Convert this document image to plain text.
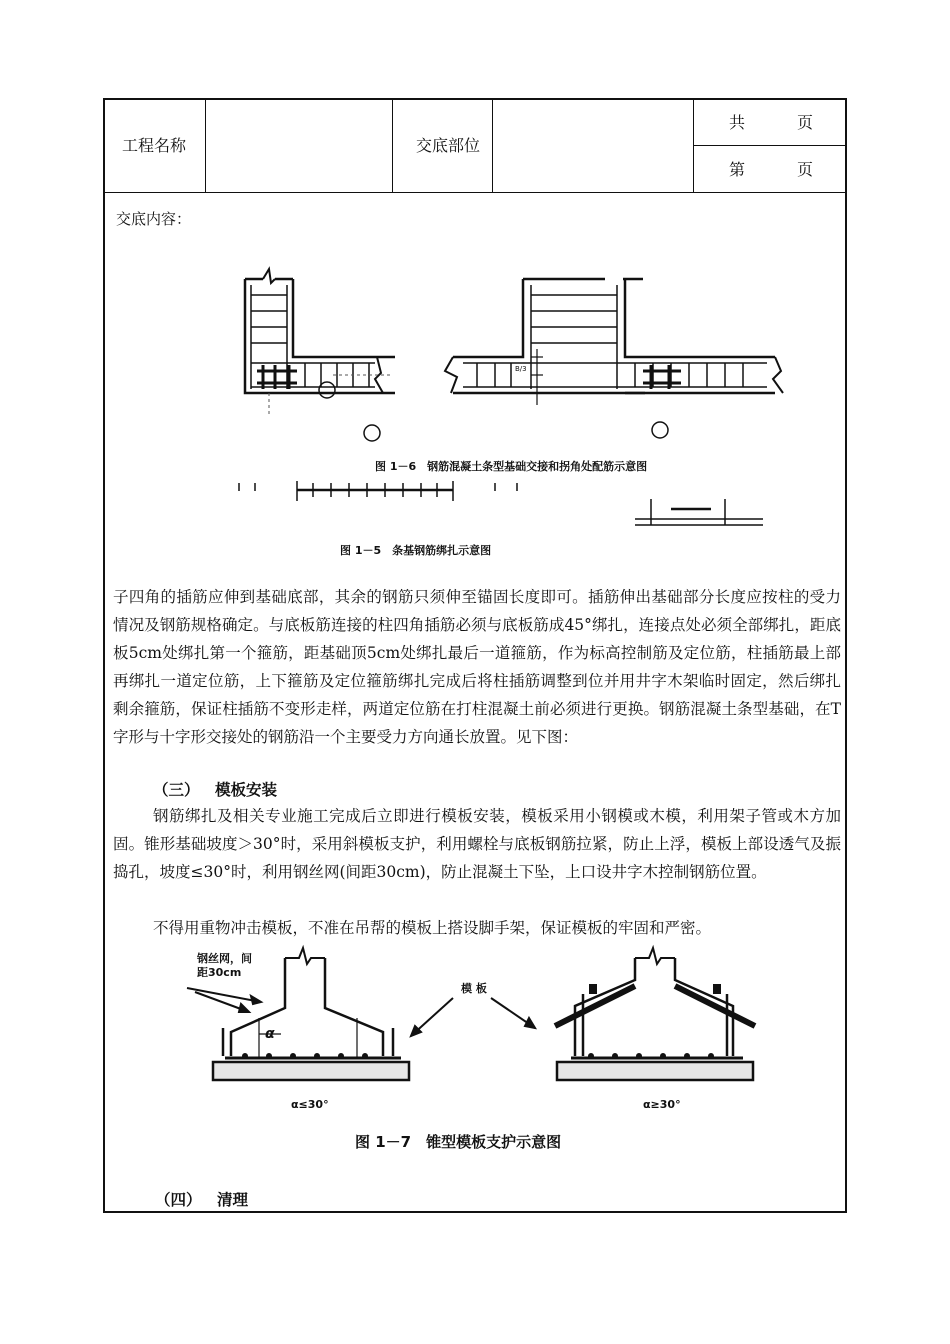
工程名称	交底部位
共	页
第	页
交底内容：
B/3
图 1－6　钢筋混凝土条型基础交接和拐角处配筋示意图
图 1－5　条基钢筋绑扎示意图
子四角的插筋应伸到基础底部，其余的钢筋只须伸至锚固长度即可。插筋伸出基础部分长度应按柱的受力情况及钢筋规格确定。与底板筋连接的柱四角插筋必须与底板筋成45°绑扎，连接点处必须全部绑扎，距底板5cm处绑扎第一个箍筋，距基础顶5cm处绑扎最后一道箍筋，作为标高控制筋及定位筋，柱插筋最上部再绑扎一道定位筋，上下箍筋及定位箍筋绑扎完成后将柱插筋调整到位并用井字木架临时固定，然后绑扎剩余箍筋，保证柱插筋不变形走样，两道定位筋在打柱混凝土前必须进行更换。钢筋混凝土条型基础，在T字形与十字形交接处的钢筋沿一个主要受力方向通长放置。见下图：
（三） 模板安装
钢筋绑扎及相关专业施工完成后立即进行模板安装，模板采用小钢模或木模，利用架子管或木方加固。锥形基础坡度＞30°时，采用斜模板支护，利用螺栓与底板钢筋拉紧，防止上浮，模板上部设透气及振捣孔，坡度≤30°时，利用钢丝网(间距30cm)，防止混凝土下坠，上口设井字木控制钢筋位置。
不得用重物冲击模板，不准在吊帮的模板上搭设脚手架，保证模板的牢固和严密。
钢丝网，间
距30cm
α
α≤30°
模 板
α≥30°
图 1－7　锥型模板支护示意图
（四） 清理
